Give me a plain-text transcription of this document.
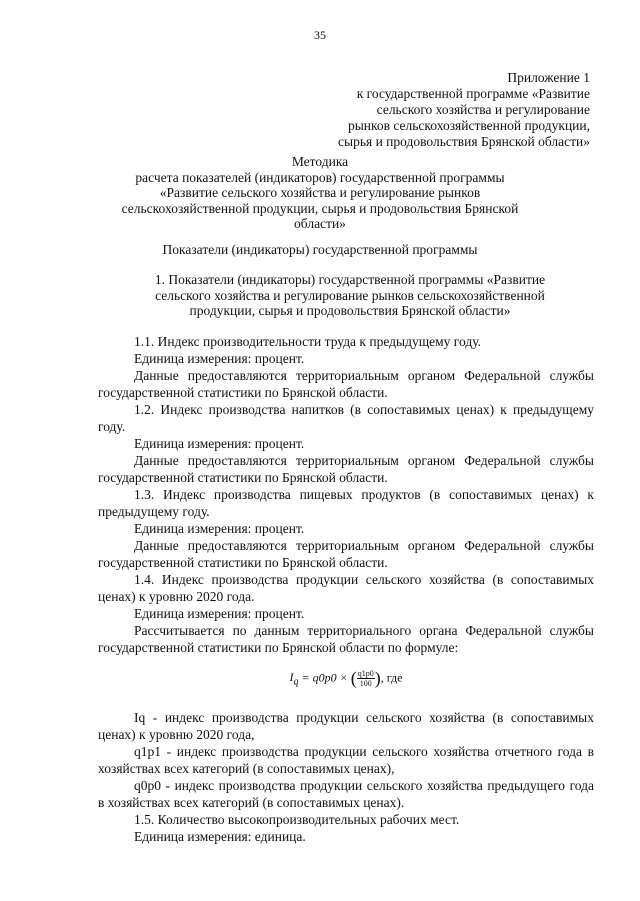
35
Приложение 1
к государственной программе «Развитие
сельского хозяйства и регулирование
рынков сельскохозяйственной продукции,
сырья и продовольствия Брянской области»
Методика
расчета показателей (индикаторов) государственной программы
«Развитие сельского хозяйства и регулирование рынков
сельскохозяйственной продукции, сырья и продовольствия Брянской
области»
Показатели (индикаторы) государственной программы
1. Показатели (индикаторы) государственной программы «Развитие
сельского хозяйства и регулирование рынков сельскохозяйственной
продукции, сырья и продовольствия Брянской области»

1.1. Индекс производительности труда к предыдущему году.

Единица измерения: процент.

Данные предоставляются территориальным органом Федеральной службы государственной статистики по Брянской области.

1.2. Индекс производства напитков (в сопоставимых ценах) к предыдущему году.

Единица измерения: процент.

Данные предоставляются территориальным органом Федеральной службы государственной статистики по Брянской области.

1.3. Индекс производства пищевых продуктов (в сопоставимых ценах) к предыдущему году.

Единица измерения: процент.

Данные предоставляются территориальным органом Федеральной службы государственной статистики по Брянской области.

1.4. Индекс производства продукции сельского хозяйства (в сопоставимых ценах) к уровню 2020 года.

Единица измерения: процент.

Рассчитывается по данным территориального органа Федеральной службы государственной статистики по Брянской области по формуле:

$I_q = q0p0$ × ( $\frac{q1p0}{100}$ ), где

Iq - индекс производства продукции сельского хозяйства (в сопоставимых ценах) к уровню 2020 года,

q1p1 - индекс производства продукции сельского хозяйства отчетного года в хозяйствах всех категорий (в сопоставимых ценах),

q0p0 - индекс производства продукции сельского хозяйства предыдущего года в хозяйствах всех категорий (в сопоставимых ценах).

1.5. Количество высокопроизводительных рабочих мест.

Единица измерения: единица.
